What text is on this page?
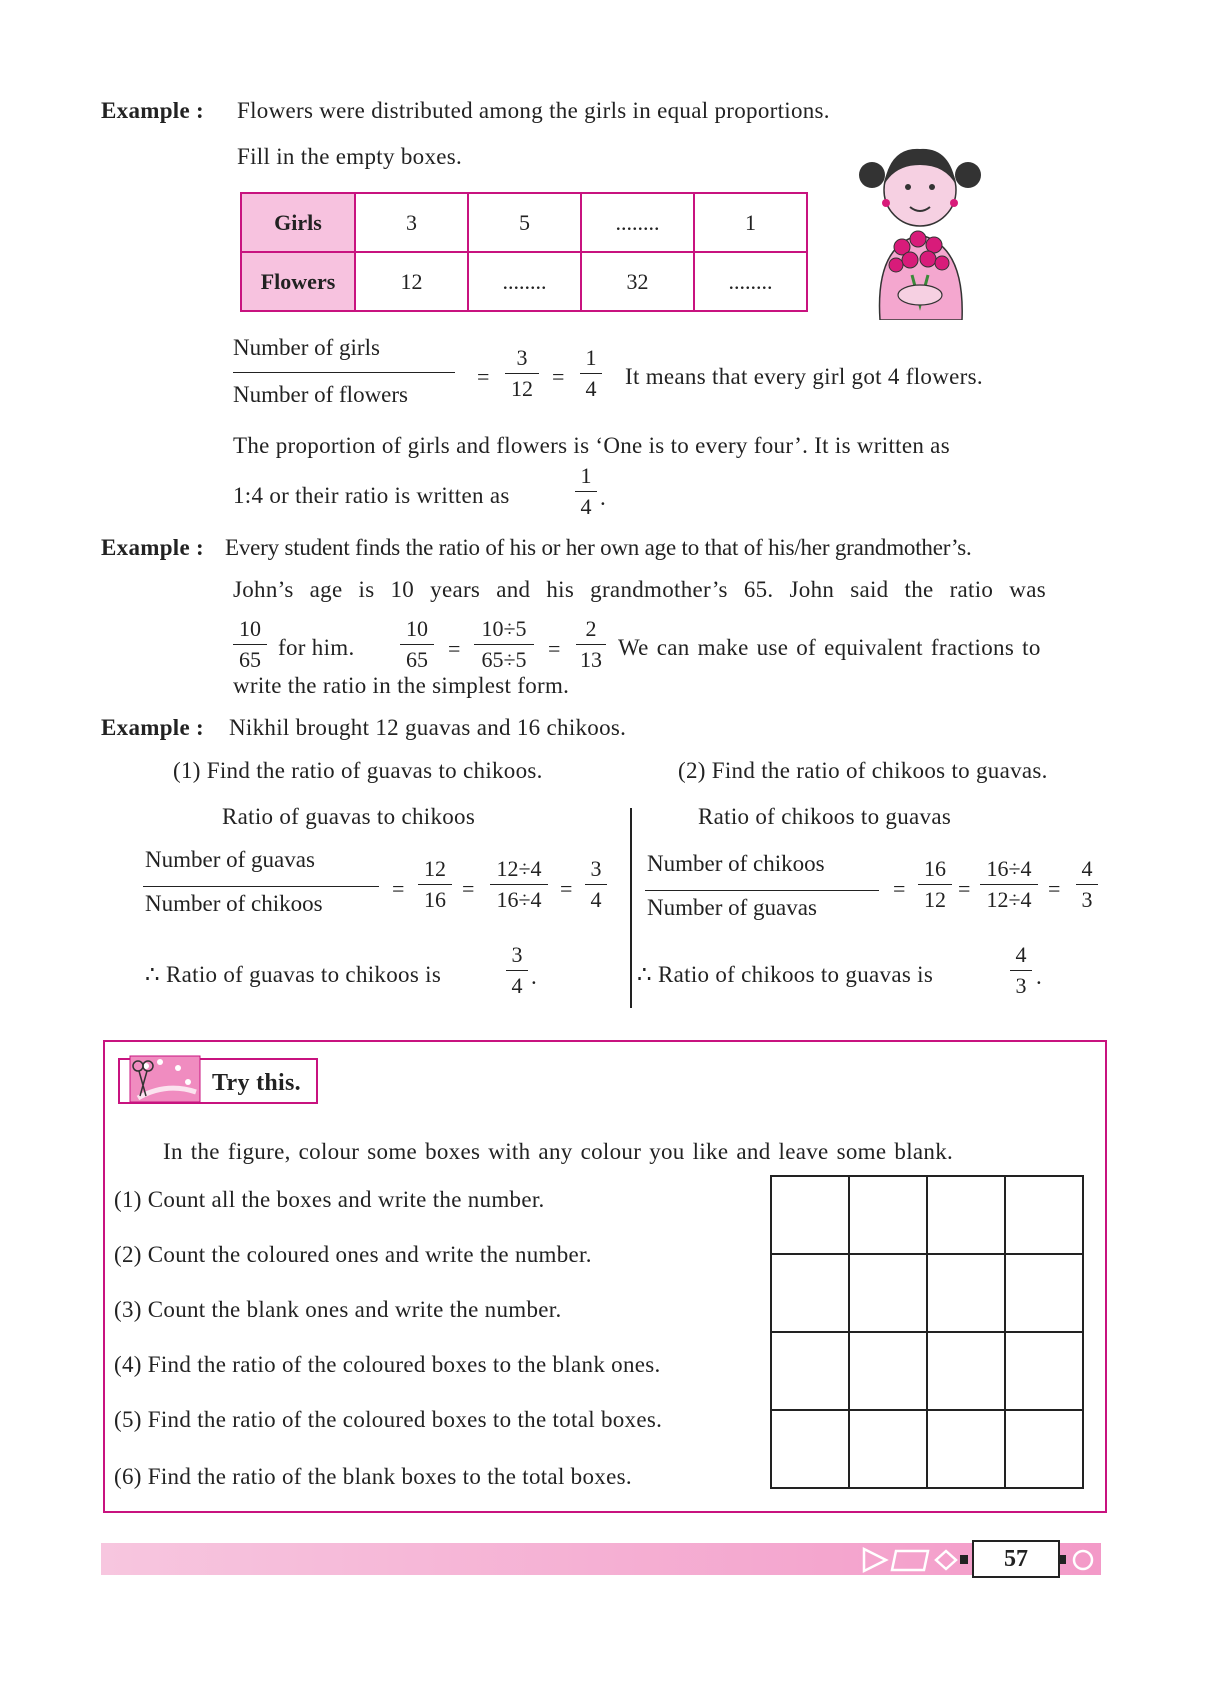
Example : Flowers were distributed among the girls in equal proportions.
Fill in the empty boxes.
Girls	3	5	........	1
Flowers	12	........	32	........
Number of girls
Number of flowers
=
3
12 =
1
4 It means that every girl got 4 flowers.
The proportion of girls and flowers is ‘One is to every four’. It is written as
1:4 or their ratio is written as
1
4 .
Example : Every student finds the ratio of his or her own age to that of his/her grandmother’s.
John’s age is 10 years and his grandmother’s 65. John said the ratio was
10
65 for him.
10
65 =
10÷5
65÷5 =
2
13 We can make use of equivalent fractions to
write the ratio in the simplest form.
Example : Nikhil brought 12 guavas and 16 chikoos.
(1) Find the ratio of guavas to chikoos.	(2) Find the ratio of chikoos to guavas.
Ratio of guavas to chikoos
Number of guavas
Number of chikoos
=
12
16 =
12÷4
16÷4 =
3
4
∴ Ratio of guavas to chikoos is
3
4 .
Ratio of chikoos to guavas
Number of chikoos
Number of guavas
=
16
12 =
16÷4
12÷4 =
4
3
∴ Ratio of chikoos to guavas is
4
3 .
Try this.
In the figure, colour some boxes with any colour you like and leave some blank.
(1) Count all the boxes and write the number.
(2) Count the coloured ones and write the number.
(3) Count the blank ones and write the number.
(4) Find the ratio of the coloured boxes to the blank ones.
(5) Find the ratio of the coloured boxes to the total boxes.
(6) Find the ratio of the blank boxes to the total boxes.

57
